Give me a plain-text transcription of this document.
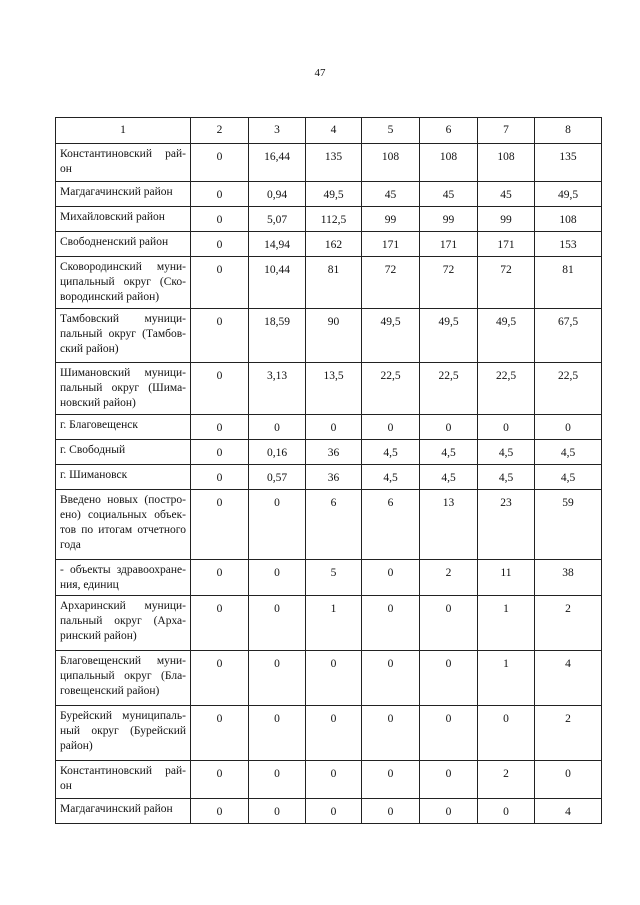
47
1	2	3	4	5	6	7	8
Константиновский рай-он	0	16,44	135	108	108	108	135
Магдагачинский район	0	0,94	49,5	45	45	45	49,5
Михайловский район	0	5,07	112,5	99	99	99	108
Свободненский район	0	14,94	162	171	171	171	153
Сковородинский муни-ципальный округ (Ско-вородинский район)	0	10,44	81	72	72	72	81
Тамбовский муници-пальный округ (Тамбов-ский район)	0	18,59	90	49,5	49,5	49,5	67,5
Шимановский муници-пальный округ (Шима-новский район)	0	3,13	13,5	22,5	22,5	22,5	22,5
г. Благовещенск	0	0	0	0	0	0	0
г. Свободный	0	0,16	36	4,5	4,5	4,5	4,5
г. Шимановск	0	0,57	36	4,5	4,5	4,5	4,5
Введено новых (постро-ено) социальных объек-тов по итогам отчетного года	0	0	6	6	13	23	59
- объекты здравоохране-ния, единиц	0	0	5	0	2	11	38
Архаринский муници-пальный округ (Арха-ринский район)	0	0	1	0	0	1	2
Благовещенский муни-ципальный округ (Бла-говещенский район)	0	0	0	0	0	1	4
Бурейский муниципаль-ный округ (Бурейский район)	0	0	0	0	0	0	2
Константиновский рай-он	0	0	0	0	0	2	0
Магдагачинский район	0	0	0	0	0	0	4
